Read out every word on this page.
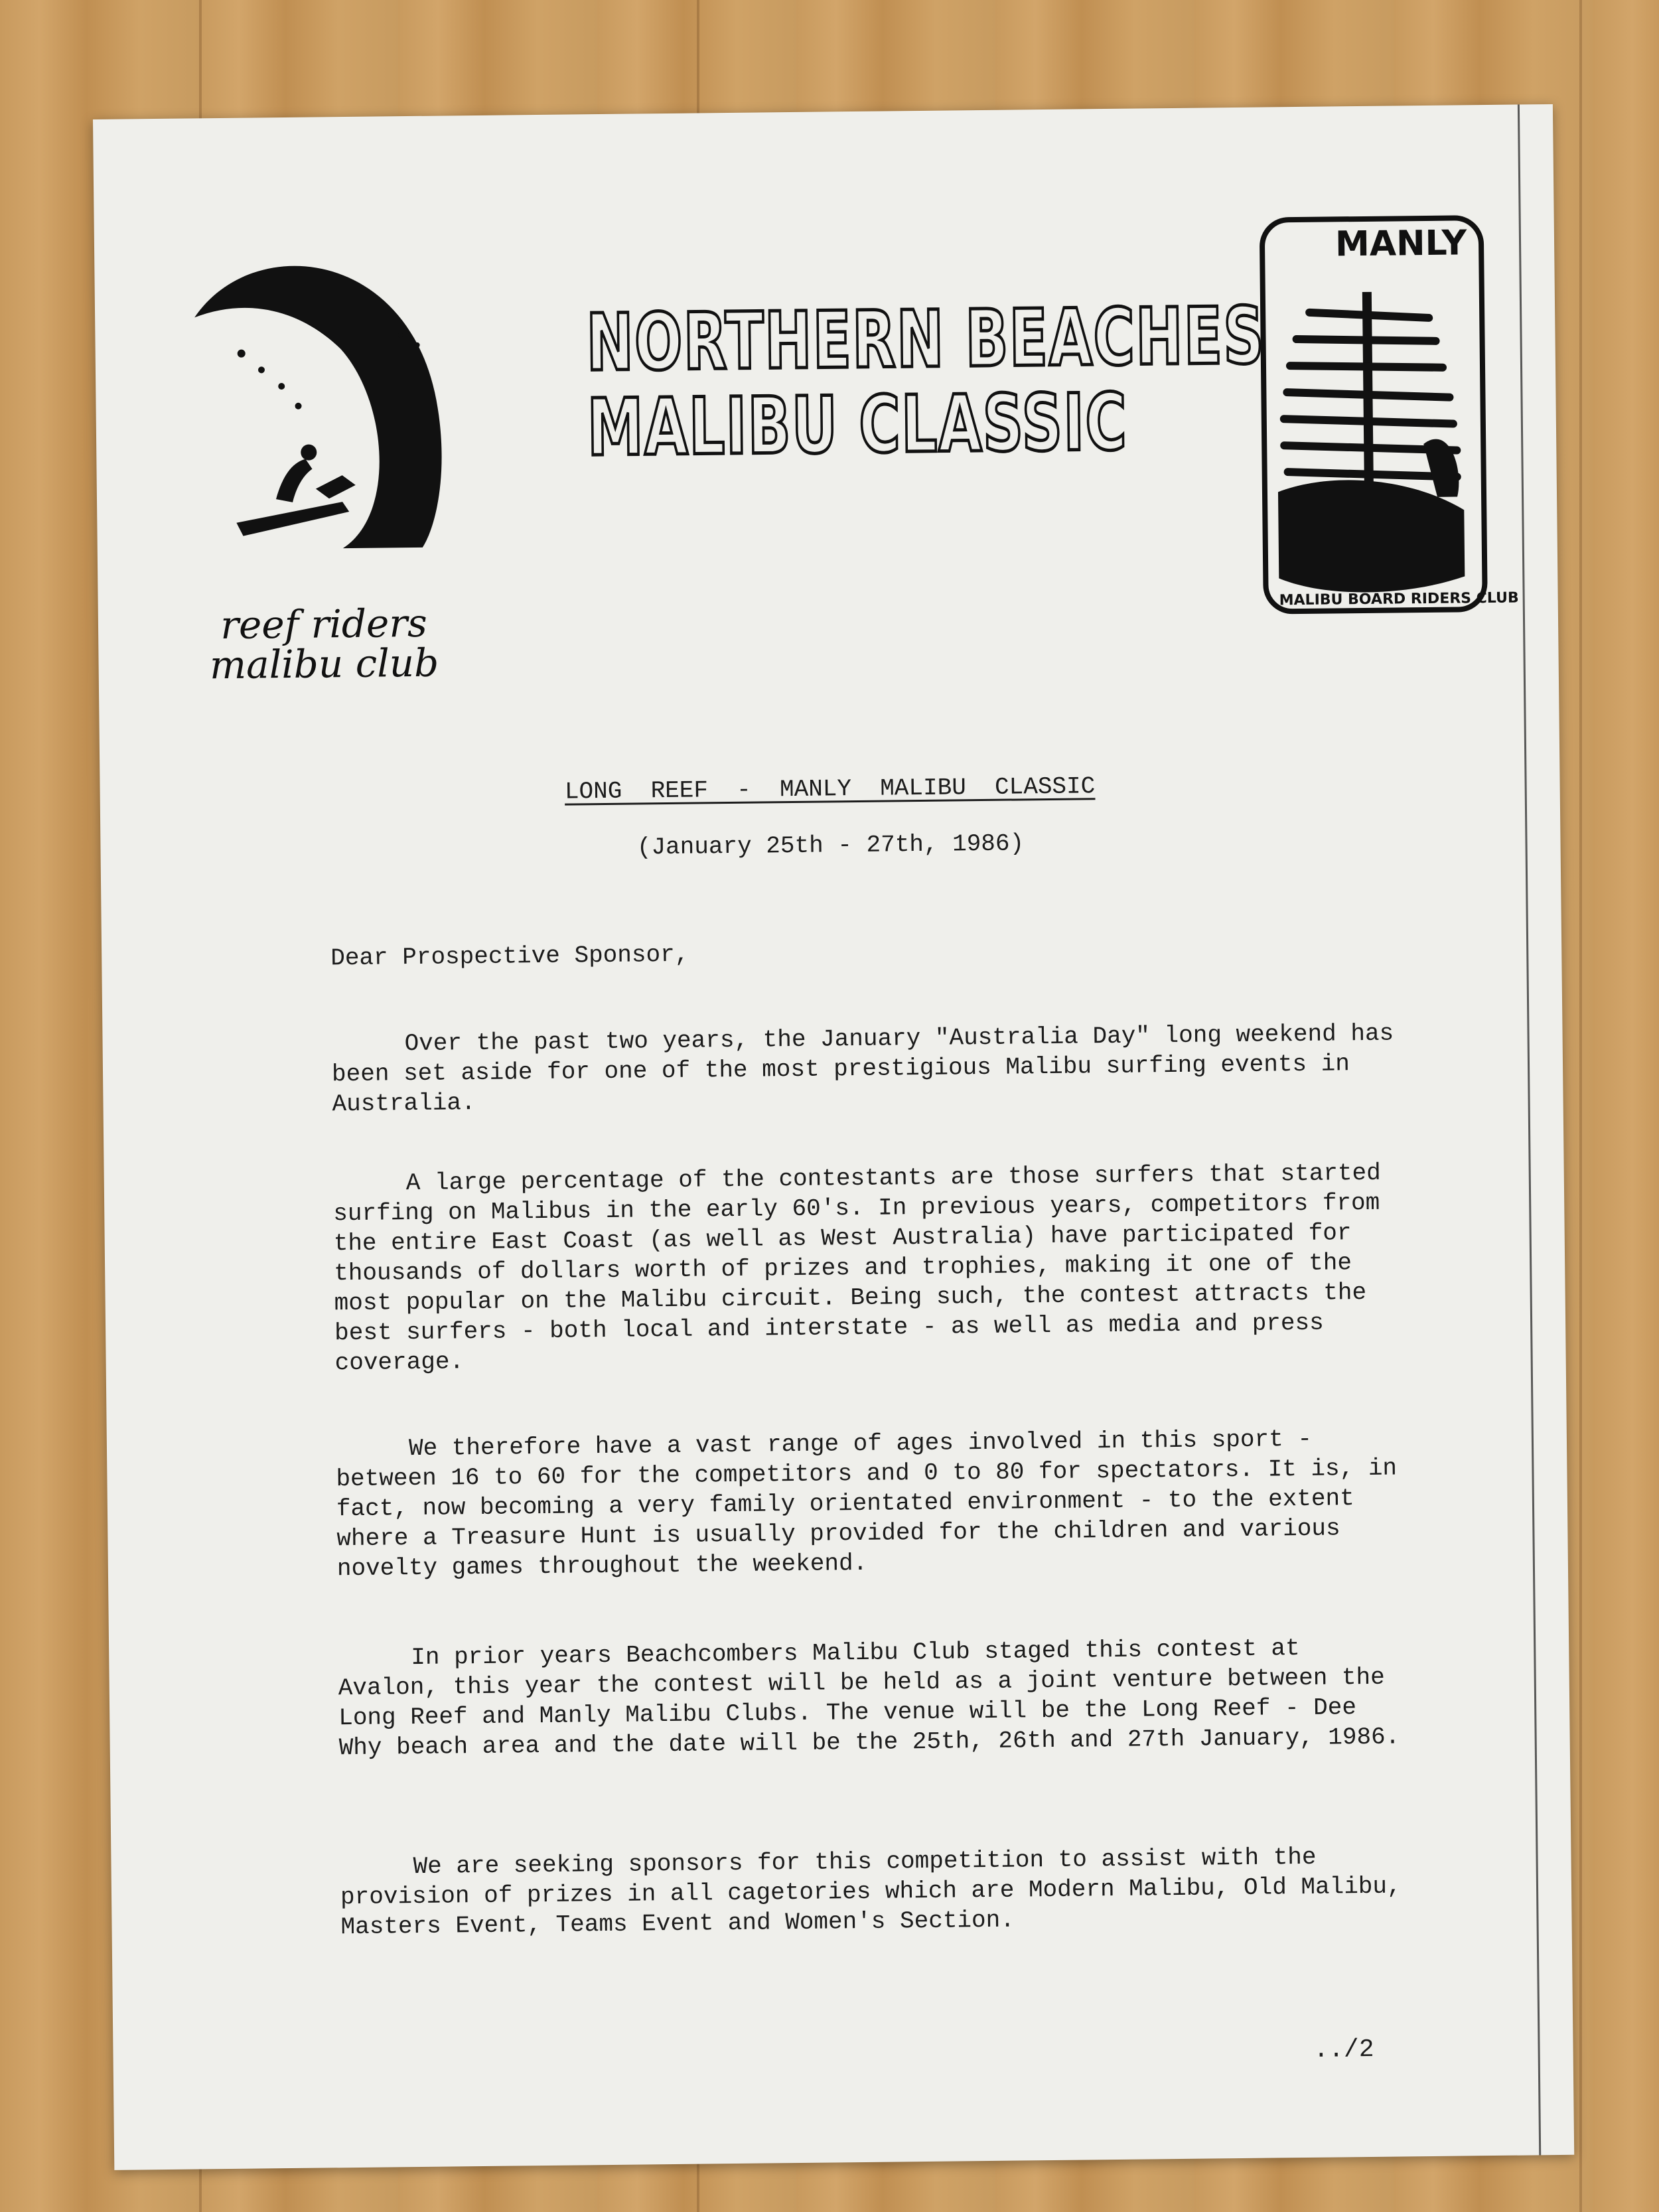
reef riders
malibu club
NORTHERN BEACHES
MALIBU CLASSIC
MANLY
MALIBU BOARD RIDERS CLUB
LONG  REEF  -  MANLY  MALIBU  CLASSIC
(January 25th - 27th, 1986)
Dear Prospective Sponsor,

Over the past two years, the January "Australia Day" long weekend has been set aside for one of the most prestigious Malibu surfing events in Australia.

A large percentage of the contestants are those surfers that started surfing on Malibus in the early 60's. In previous years, competitors from the entire East Coast (as well as West Australia) have participated for thousands of dollars worth of prizes and trophies, making it one of the most popular on the Malibu circuit. Being such, the contest attracts the best surfers - both local and interstate - as well as media and press coverage.

We therefore have a vast range of ages involved in this sport - between 16 to 60 for the competitors and 0 to 80 for spectators. It is, in fact, now becoming a very family orientated environment - to the extent where a Treasure Hunt is usually provided for the children and various novelty games throughout the weekend.

In prior years Beachcombers Malibu Club staged this contest at Avalon, this year the contest will be held as a joint venture between the Long Reef and Manly Malibu Clubs. The venue will be the Long Reef - Dee Why beach area and the date will be the 25th, 26th and 27th January, 1986.

We are seeking sponsors for this competition to assist with the provision of prizes in all cagetories which are Modern Malibu, Old Malibu, Masters Event, Teams Event and Women's Section.

../2
